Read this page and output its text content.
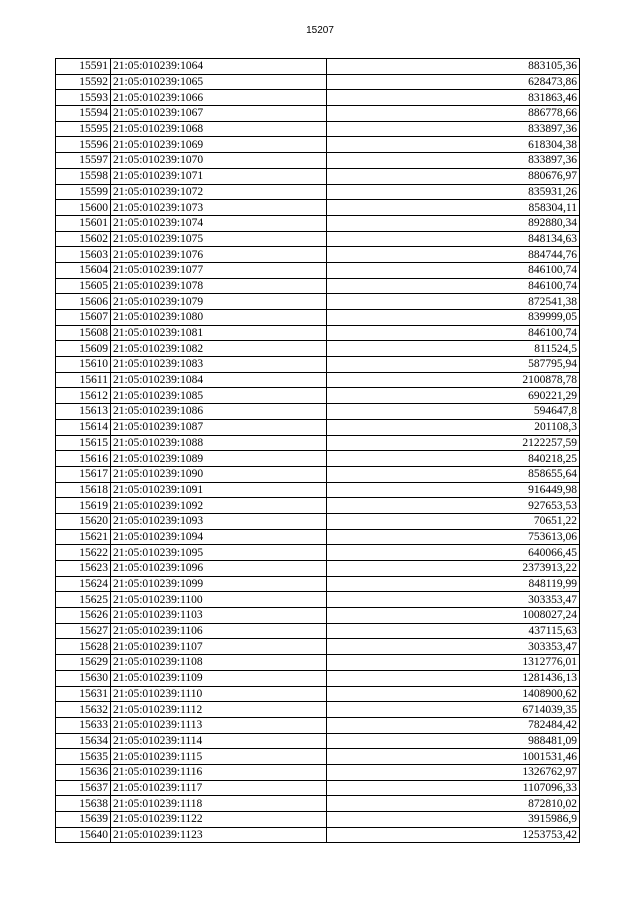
15207
15591	21:05:010239:1064	883105,36
15592	21:05:010239:1065	628473,86
15593	21:05:010239:1066	831863,46
15594	21:05:010239:1067	886778,66
15595	21:05:010239:1068	833897,36
15596	21:05:010239:1069	618304,38
15597	21:05:010239:1070	833897,36
15598	21:05:010239:1071	880676,97
15599	21:05:010239:1072	835931,26
15600	21:05:010239:1073	858304,11
15601	21:05:010239:1074	892880,34
15602	21:05:010239:1075	848134,63
15603	21:05:010239:1076	884744,76
15604	21:05:010239:1077	846100,74
15605	21:05:010239:1078	846100,74
15606	21:05:010239:1079	872541,38
15607	21:05:010239:1080	839999,05
15608	21:05:010239:1081	846100,74
15609	21:05:010239:1082	811524,5
15610	21:05:010239:1083	587795,94
15611	21:05:010239:1084	2100878,78
15612	21:05:010239:1085	690221,29
15613	21:05:010239:1086	594647,8
15614	21:05:010239:1087	201108,3
15615	21:05:010239:1088	2122257,59
15616	21:05:010239:1089	840218,25
15617	21:05:010239:1090	858655,64
15618	21:05:010239:1091	916449,98
15619	21:05:010239:1092	927653,53
15620	21:05:010239:1093	70651,22
15621	21:05:010239:1094	753613,06
15622	21:05:010239:1095	640066,45
15623	21:05:010239:1096	2373913,22
15624	21:05:010239:1099	848119,99
15625	21:05:010239:1100	303353,47
15626	21:05:010239:1103	1008027,24
15627	21:05:010239:1106	437115,63
15628	21:05:010239:1107	303353,47
15629	21:05:010239:1108	1312776,01
15630	21:05:010239:1109	1281436,13
15631	21:05:010239:1110	1408900,62
15632	21:05:010239:1112	6714039,35
15633	21:05:010239:1113	782484,42
15634	21:05:010239:1114	988481,09
15635	21:05:010239:1115	1001531,46
15636	21:05:010239:1116	1326762,97
15637	21:05:010239:1117	1107096,33
15638	21:05:010239:1118	872810,02
15639	21:05:010239:1122	3915986,9
15640	21:05:010239:1123	1253753,42
